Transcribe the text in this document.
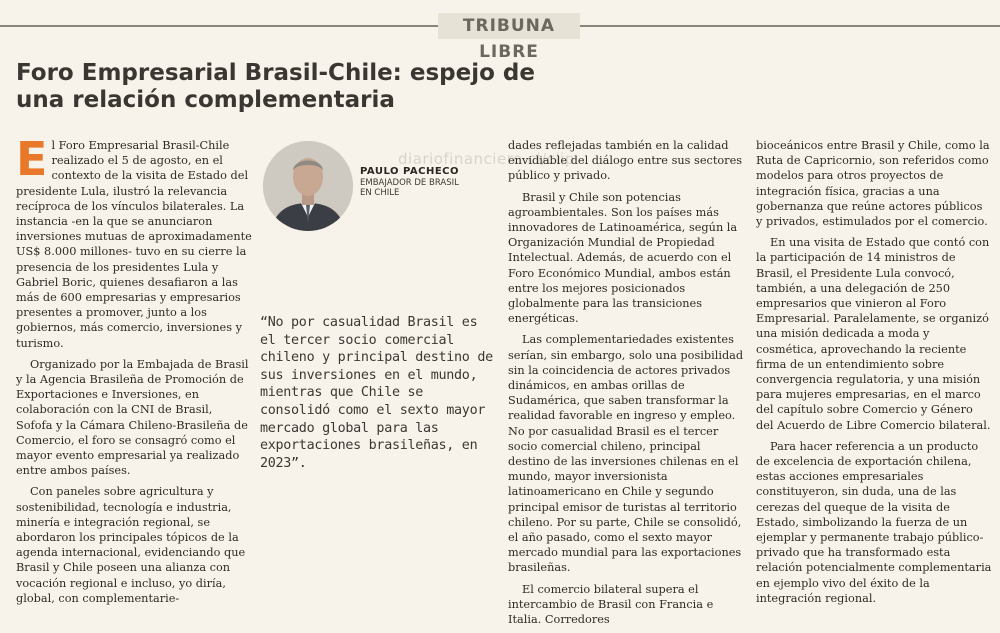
TRIBUNA LIBRE
Foro Empresarial Brasil-Chile: espejo de una relación complementaria
diariofinanciero.cl/clip

El Foro Empresarial Brasil-Chile realizado el 5 de agosto, en el contexto de la visita de Estado del presidente Lula, ilustró la relevancia recíproca de los vínculos bilaterales. La instancia -en la que se anunciaron inversiones mutuas de aproximadamente US$ 8.000 millones- tuvo en su cierre la presencia de los presidentes Lula y Gabriel Boric, quienes desafiaron a las más de 600 empresarias y empresarios presentes a promover, junto a los gobiernos, más comercio, inversiones y turismo.

Organizado por la Embajada de Brasil y la Agencia Brasileña de Promoción de Exportaciones e Inversiones, en colaboración con la CNI de Brasil, Sofofa y la Cámara Chileno-Brasileña de Comercio, el foro se consagró como el mayor evento empresarial ya realizado entre ambos países.

Con paneles sobre agricultura y sostenibilidad, tecnología e industria, minería e integración regional, se abordaron los principales tópicos de la agenda internacional, evidenciando que Brasil y Chile poseen una alianza con vocación regional e incluso, yo diría, global, con complementarie-

PAULO PACHECO
EMBAJADOR DE BRASIL
EN CHILE
“No por casualidad Brasil es el tercer socio comercial chileno y principal destino de sus inversiones en el mundo, mientras que Chile se consolidó como el sexto mayor mercado global para las exportaciones brasileñas, en 2023”.

dades reflejadas también en la calidad envidiable del diálogo entre sus sectores público y privado.

Brasil y Chile son potencias agroambientales. Son los países más innovadores de Latinoamérica, según la Organización Mundial de Propiedad Intelectual. Además, de acuerdo con el Foro Económico Mundial, ambos están entre los mejores posicionados globalmente para las transiciones energéticas.

Las complementariedades existentes serían, sin embargo, solo una posibilidad sin la coincidencia de actores privados dinámicos, en ambas orillas de Sudamérica, que saben transformar la realidad favorable en ingreso y empleo. No por casualidad Brasil es el tercer socio comercial chileno, principal destino de las inversiones chilenas en el mundo, mayor inversionista latinoamericano en Chile y segundo principal emisor de turistas al territorio chileno. Por su parte, Chile se consolidó, el año pasado, como el sexto mayor mercado mundial para las exportaciones brasileñas.

El comercio bilateral supera el intercambio de Brasil con Francia e Italia. Corredores

bioceánicos entre Brasil y Chile, como la Ruta de Capricornio, son referidos como modelos para otros proyectos de integración física, gracias a una gobernanza que reúne actores públicos y privados, estimulados por el comercio.

En una visita de Estado que contó con la participación de 14 ministros de Brasil, el Presidente Lula convocó, también, a una delegación de 250 empresarios que vinieron al Foro Empresarial. Paralelamente, se organizó una misión dedicada a moda y cosmética, aprovechando la reciente firma de un entendimiento sobre convergencia regulatoria, y una misión para mujeres empresarias, en el marco del capítulo sobre Comercio y Género del Acuerdo de Libre Comercio bilateral.

Para hacer referencia a un producto de excelencia de exportación chilena, estas acciones empresariales constituyeron, sin duda, una de las cerezas del queque de la visita de Estado, simbolizando la fuerza de un ejemplar y permanente trabajo público-privado que ha transformado esta relación potencialmente complementaria en ejemplo vivo del éxito de la integración regional.
